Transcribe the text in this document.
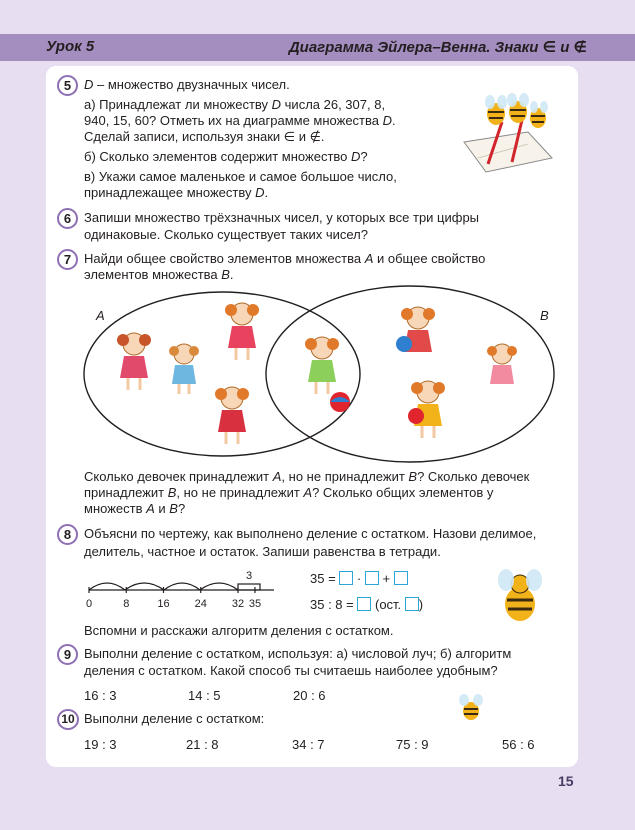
Урок 5	Диаграмма Эйлера–Венна. Знаки ∈ и ∉
5 D – множество двузначных чисел.
а) Принадлежат ли множеству D числа 26, 307, 8,
940, 15, 60? Отметь их на диаграмме множества D.
Сделай записи, используя знаки ∈ и ∉.
б) Сколько элементов содержит множество D?
в) Укажи самое маленькое и самое большое число,
принадлежащее множеству D.
6 Запиши множество трёхзначных чисел, у которых все три цифры
одинаковые. Сколько существует таких чисел?
7 Найди общее свойство элементов множества A и общее свойство
элементов множества B.
A	B
Сколько девочек принадлежит A, но не принадлежит B? Сколько девочек
принадлежит B, но не принадлежит A? Сколько общих элементов у
множеств A и B?
8 Объясни по чертежу, как выполнено деление с остатком. Назови делимое,
делитель, частное и остаток. Запиши равенства в тетради.
3
0	8	16 24 32 35
35 = · +
35 : 8 = (ост. )
Вспомни и расскажи алгоритм деления с остатком.
9 Выполни деление с остатком, используя: а) числовой луч; б) алгоритм
деления с остатком. Какой способ ты считаешь наиболее удобным?
16 : 3	14 : 5	20 : 6
10 Выполни деление с остатком:
19 : 3	21 : 8	34 : 7	75 : 9	56 : 6
15
